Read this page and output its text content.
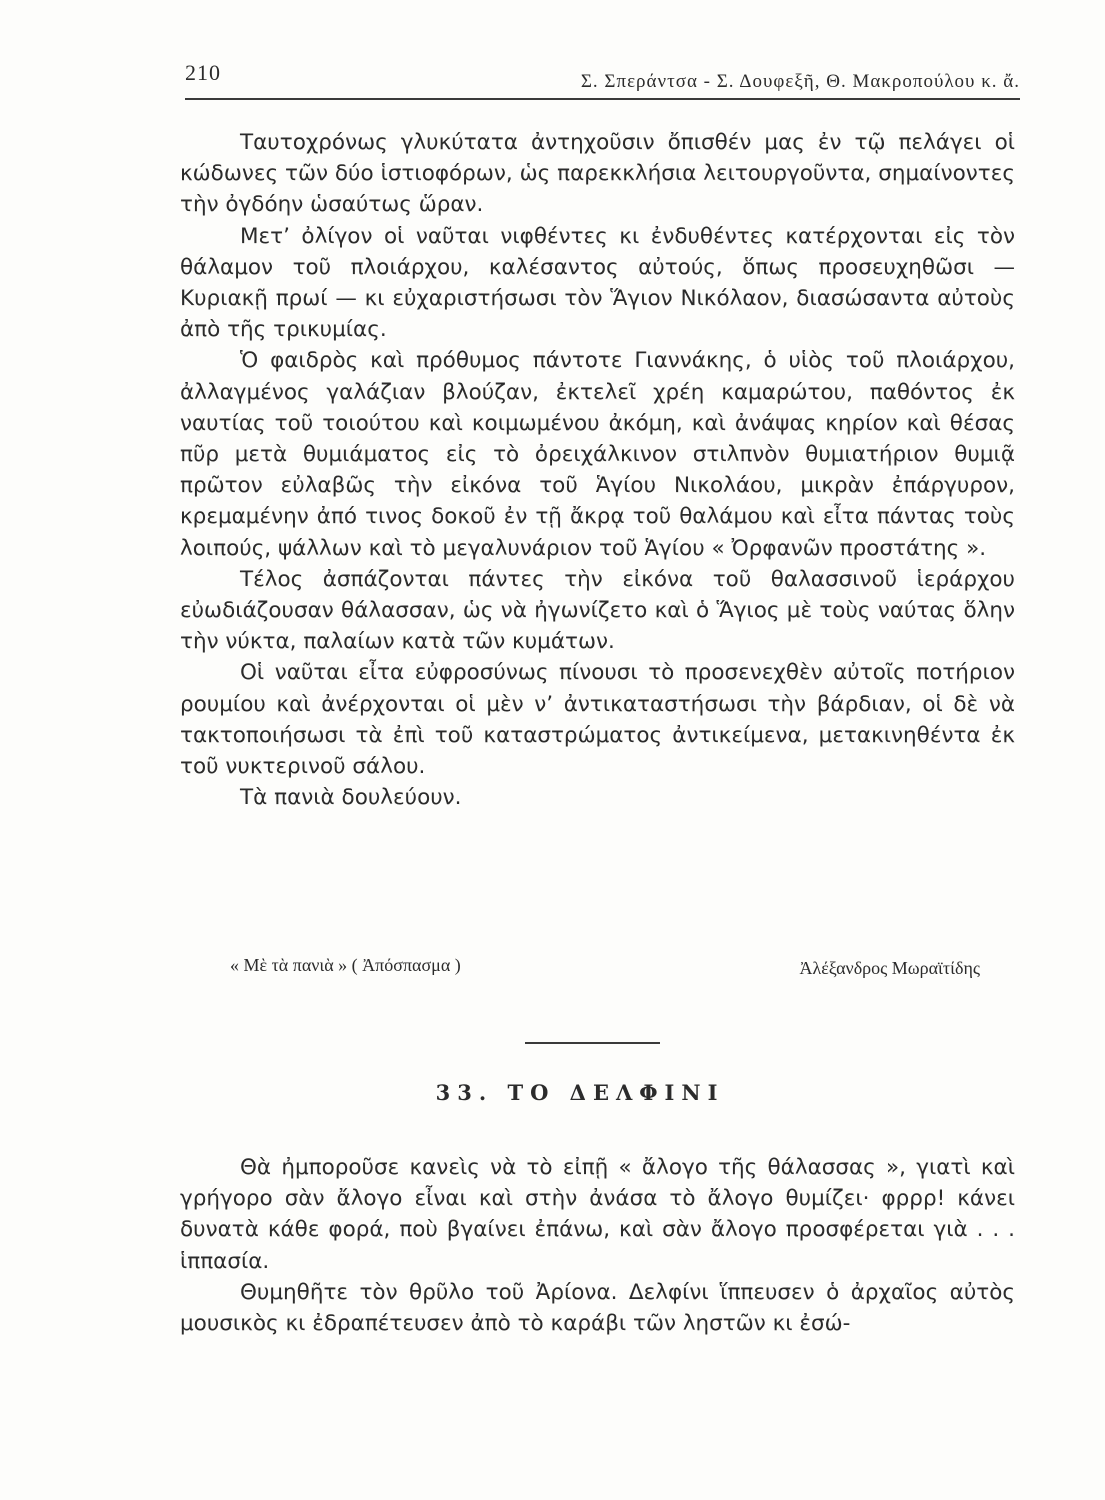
210	Σ. Σπεράντσα - Σ. Δουφεξῆ, Θ. Μακροπούλου κ. ἄ.

Ταυτοχρόνως γλυκύτατα ἀντηχοῦσιν ὄπισθέν μας ἐν τῷ πελάγει οἱ κώδωνες τῶν δύο ἱστιοφόρων, ὡς παρεκκλήσια λειτουργοῦντα, σημαίνοντες τὴν ὀγδόην ὡσαύτως ὥραν.

Μετ’ ὀλίγον οἱ ναῦται νιφθέντες κι ἐνδυθέντες κατέρχονται εἰς τὸν θάλαμον τοῦ πλοιάρχου, καλέσαντος αὐτούς, ὅπως προσευχηθῶσι — Κυριακῇ πρωί — κι εὐχαριστήσωσι τὸν Ἅγιον Νικόλαον, διασώσαντα αὐτοὺς ἀπὸ τῆς τρικυμίας.

Ὁ φαιδρὸς καὶ πρόθυμος πάντοτε Γιαννάκης, ὁ υἱὸς τοῦ πλοιάρχου, ἀλλαγμένος γαλάζιαν βλούζαν, ἐκτελεῖ χρέη καμαρώτου, παθόντος ἐκ ναυτίας τοῦ τοιούτου καὶ κοιμωμένου ἀκόμη, καὶ ἀνάψας κηρίον καὶ θέσας πῦρ μετὰ θυμιάματος εἰς τὸ ὀρειχάλκινον στιλπνὸν θυμιατήριον θυμιᾷ πρῶτον εὐλαβῶς τὴν εἰκόνα τοῦ Ἁγίου Νικολάου, μικρὰν ἐπάργυρον, κρεμαμένην ἀπό τινος δοκοῦ ἐν τῇ ἄκρᾳ τοῦ θαλάμου καὶ εἶτα πάντας τοὺς λοιπούς, ψάλλων καὶ τὸ μεγαλυνάριον τοῦ Ἁγίου « Ὀρφανῶν προστάτης ».

Τέλος ἀσπάζονται πάντες τὴν εἰκόνα τοῦ θαλασσινοῦ ἱεράρχου εὐωδιάζουσαν θάλασσαν, ὡς νὰ ἠγωνίζετο καὶ ὁ Ἅγιος μὲ τοὺς ναύτας ὅλην τὴν νύκτα, παλαίων κατὰ τῶν κυμάτων.

Οἱ ναῦται εἶτα εὐφροσύνως πίνουσι τὸ προσενεχθὲν αὐτοῖς ποτήριον ρουμίου καὶ ἀνέρχονται οἱ μὲν ν’ ἀντικαταστήσωσι τὴν βάρδιαν, οἱ δὲ νὰ τακτοποιήσωσι τὰ ἐπὶ τοῦ καταστρώματος ἀντικείμενα, μετακινηθέντα ἐκ τοῦ νυκτερινοῦ σάλου.

Τὰ πανιὰ δουλεύουν.

« Μὲ τὰ πανιὰ » ( Ἀπόσπασμα )	Ἀλέξανδρος Μωραϊτίδης
33. ΤΟ ΔΕΛΦΙΝΙ

Θὰ ἠμποροῦσε κανεὶς νὰ τὸ εἰπῇ « ἄλογο τῆς θάλασσας », γιατὶ καὶ γρήγορο σὰν ἄλογο εἶναι καὶ στὴν ἀνάσα τὸ ἄλογο θυμίζει· φρρρ! κάνει δυνατὰ κάθε φορά, ποὺ βγαίνει ἐπάνω, καὶ σὰν ἄλογο προσφέρεται γιὰ . . . ἱππασία.

Θυμηθῆτε τὸν θρῦλο τοῦ Ἀρίονα. Δελφίνι ἵππευσεν ὁ ἀρχαῖος αὐτὸς μουσικὸς κι ἐδραπέτευσεν ἀπὸ τὸ καράβι τῶν ληστῶν κι ἐσώ-
